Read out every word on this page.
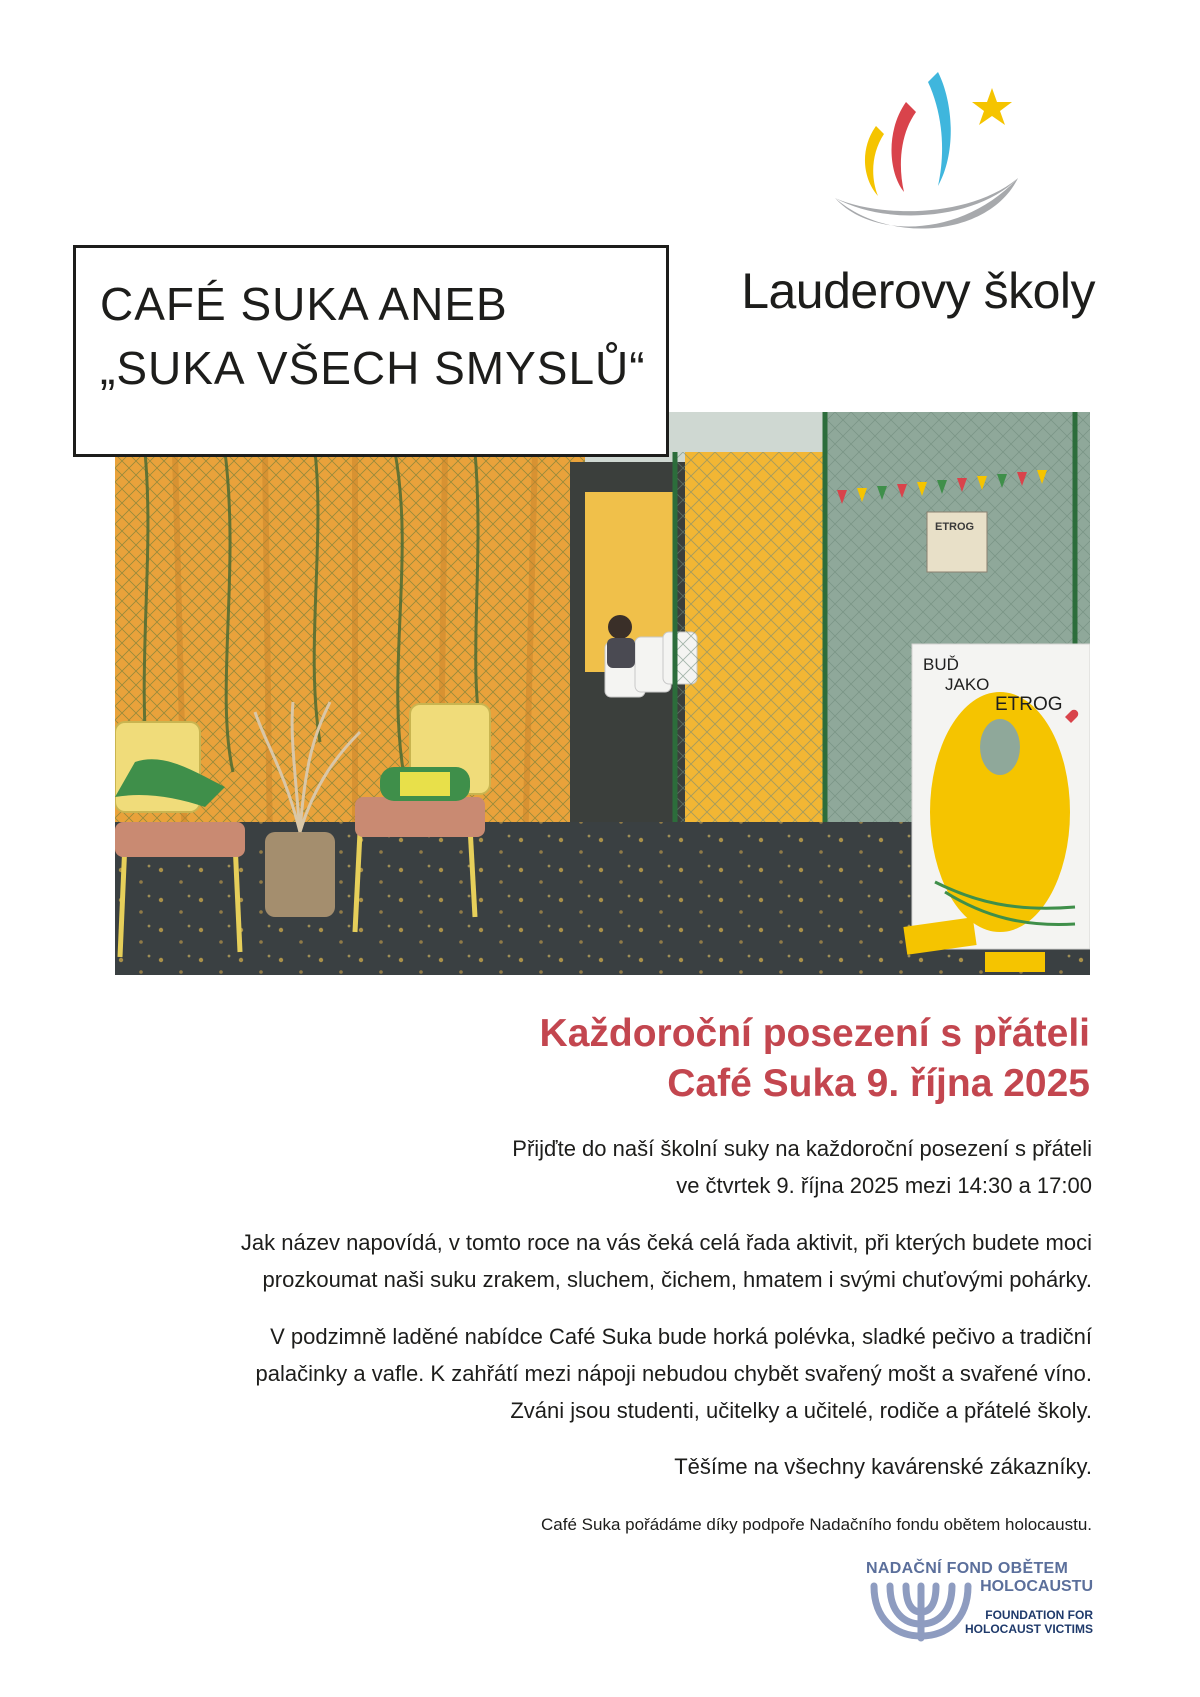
Lauderovy školy
CAFÉ SUKA ANEB
„SUKA VŠECH SMYSLŮ“
ETROG
BUĎ
JAKO
ETROG
Každoroční posezení s přáteli
Café Suka 9. října 2025
Přijďte do naší školní suky na každoroční posezení s přáteli
ve čtvrtek 9. října 2025 mezi 14:30 a 17:00
Jak název napovídá, v tomto roce na vás čeká celá řada aktivit, při kterých budete moci
prozkoumat naši suku zrakem, sluchem, čichem, hmatem i svými chuťovými pohárky.
V podzimně laděné nabídce Café Suka bude horká polévka, sladké pečivo a tradiční
palačinky a vafle. K zahřátí mezi nápoji nebudou chybět svařený mošt a svařené víno.
Zváni jsou studenti, učitelky a učitelé, rodiče a přátelé školy.
Těšíme na všechny kavárenské zákazníky.
Café Suka pořádáme díky podpoře Nadačního fondu obětem holocaustu.
NADAČNÍ FOND OBĚTEM
HOLOCAUSTU
FOUNDATION FOR
HOLOCAUST VICTIMS
